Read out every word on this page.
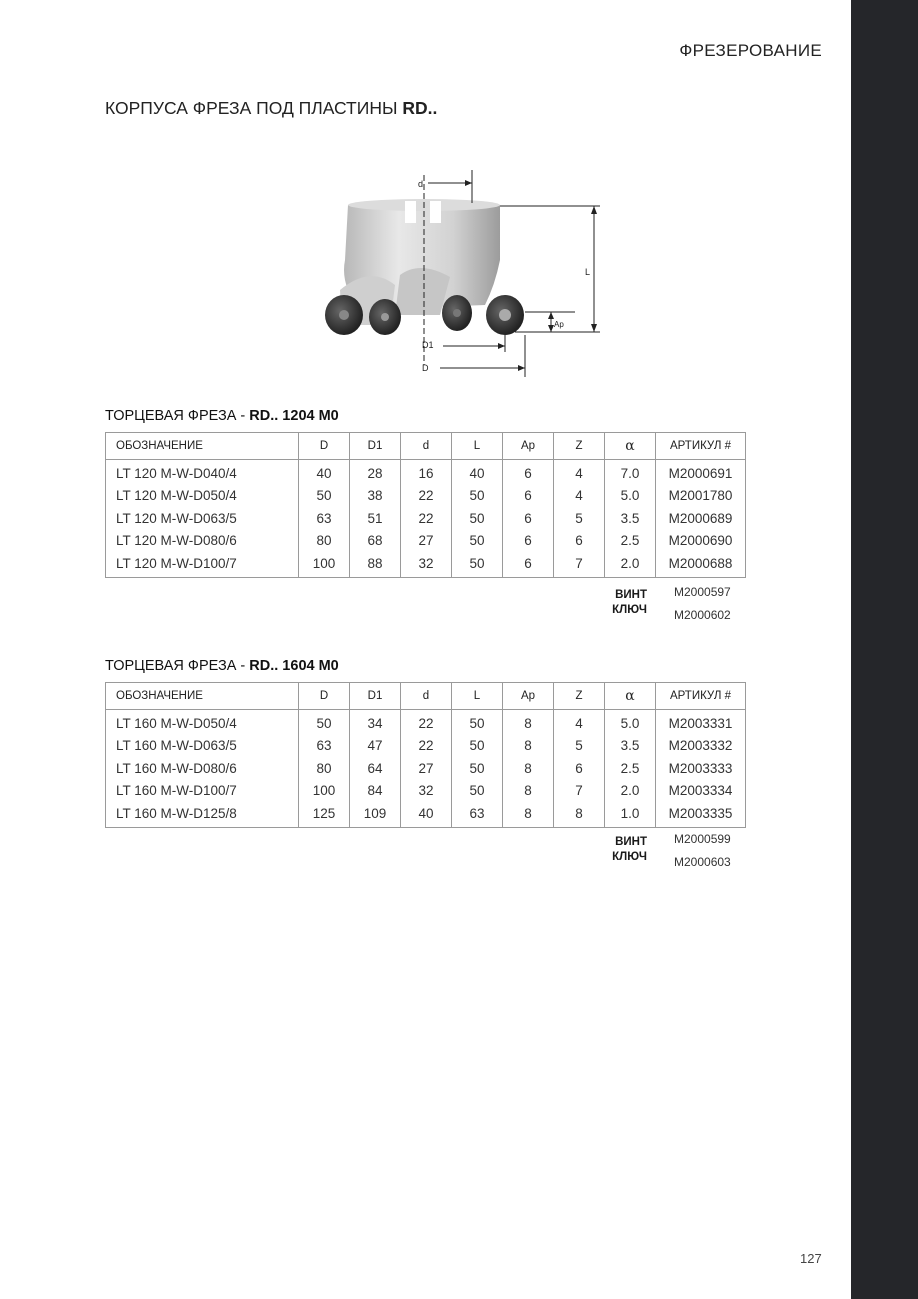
ФРЕЗЕРОВАНИЕ
КОРПУСА ФРЕЗА ПОД ПЛАСТИНЫ RD..
d
L
Ap
D1
D
ТОРЦЕВАЯ ФРЕЗА - RD.. 1204 M0
ОБОЗНАЧЕНИЕ	D	D1	d	L	Ap	Z	α	АРТИКУЛ #
LT 120 M-W-D040/4	40	28	16	40	6	4	7.0	M2000691
LT 120 M-W-D050/4	50	38	22	50	6	4	5.0	M2001780
LT 120 M-W-D063/5	63	51	22	50	6	5	3.5	M2000689
LT 120 M-W-D080/6	80	68	27	50	6	6	2.5	M2000690
LT 120 M-W-D100/7	100	88	32	50	6	7	2.0	M2000688
ВИНТ M2000597
КЛЮЧ M2000602
ТОРЦЕВАЯ ФРЕЗА - RD.. 1604 M0
ОБОЗНАЧЕНИЕ	D	D1	d	L	Ap	Z	α	АРТИКУЛ #
LT 160 M-W-D050/4	50	34	22	50	8	4	5.0	M2003331
LT 160 M-W-D063/5	63	47	22	50	8	5	3.5	M2003332
LT 160 M-W-D080/6	80	64	27	50	8	6	2.5	M2003333
LT 160 M-W-D100/7	100	84	32	50	8	7	2.0	M2003334
LT 160 M-W-D125/8	125	109	40	63	8	8	1.0	M2003335
ВИНТ M2000599
КЛЮЧ M2000603
127
